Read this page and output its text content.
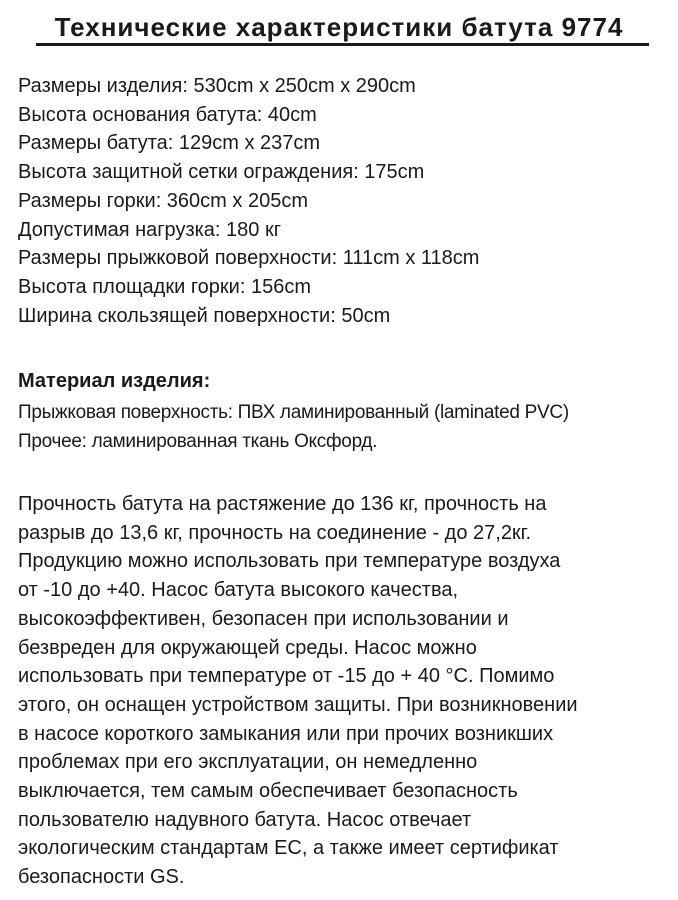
Технические характеристики батута 9774
Размеры изделия: 530cm x 250cm x 290cm
Высота основания батута: 40cm
Размеры батута: 129cm x 237cm
Высота защитной сетки ограждения: 175cm
Размеры горки: 360cm x 205cm
Допустимая нагрузка: 180 кг
Размеры прыжковой поверхности: 111cm x 118cm
Высота площадки горки: 156cm
Ширина скользящей поверхности: 50cm
Материал изделия:
Прыжковая поверхность: ПВХ ламинированный (laminated PVC)
Прочее: ламинированная ткань Оксфорд.
Прочность батута на растяжение до 136 кг, прочность на
разрыв до 13,6 кг, прочность на соединение - до 27,2кг.
Продукцию можно использовать при температуре воздуха
от -10 до +40. Насос батута высокого качества,
высокоэффективен, безопасен при использовании и
безвреден для окружающей среды. Насос можно
использовать при температуре от -15 до + 40 °С. Помимо
этого, он оснащен устройством защиты. При возникновении
в насосе короткого замыкания или при прочих возникших
проблемах при его эксплуатации, он немедленно
выключается, тем самым обеспечивает безопасность
пользователю надувного батута. Насос отвечает
экологическим стандартам ЕС, а также имеет сертификат
безопасности GS.
